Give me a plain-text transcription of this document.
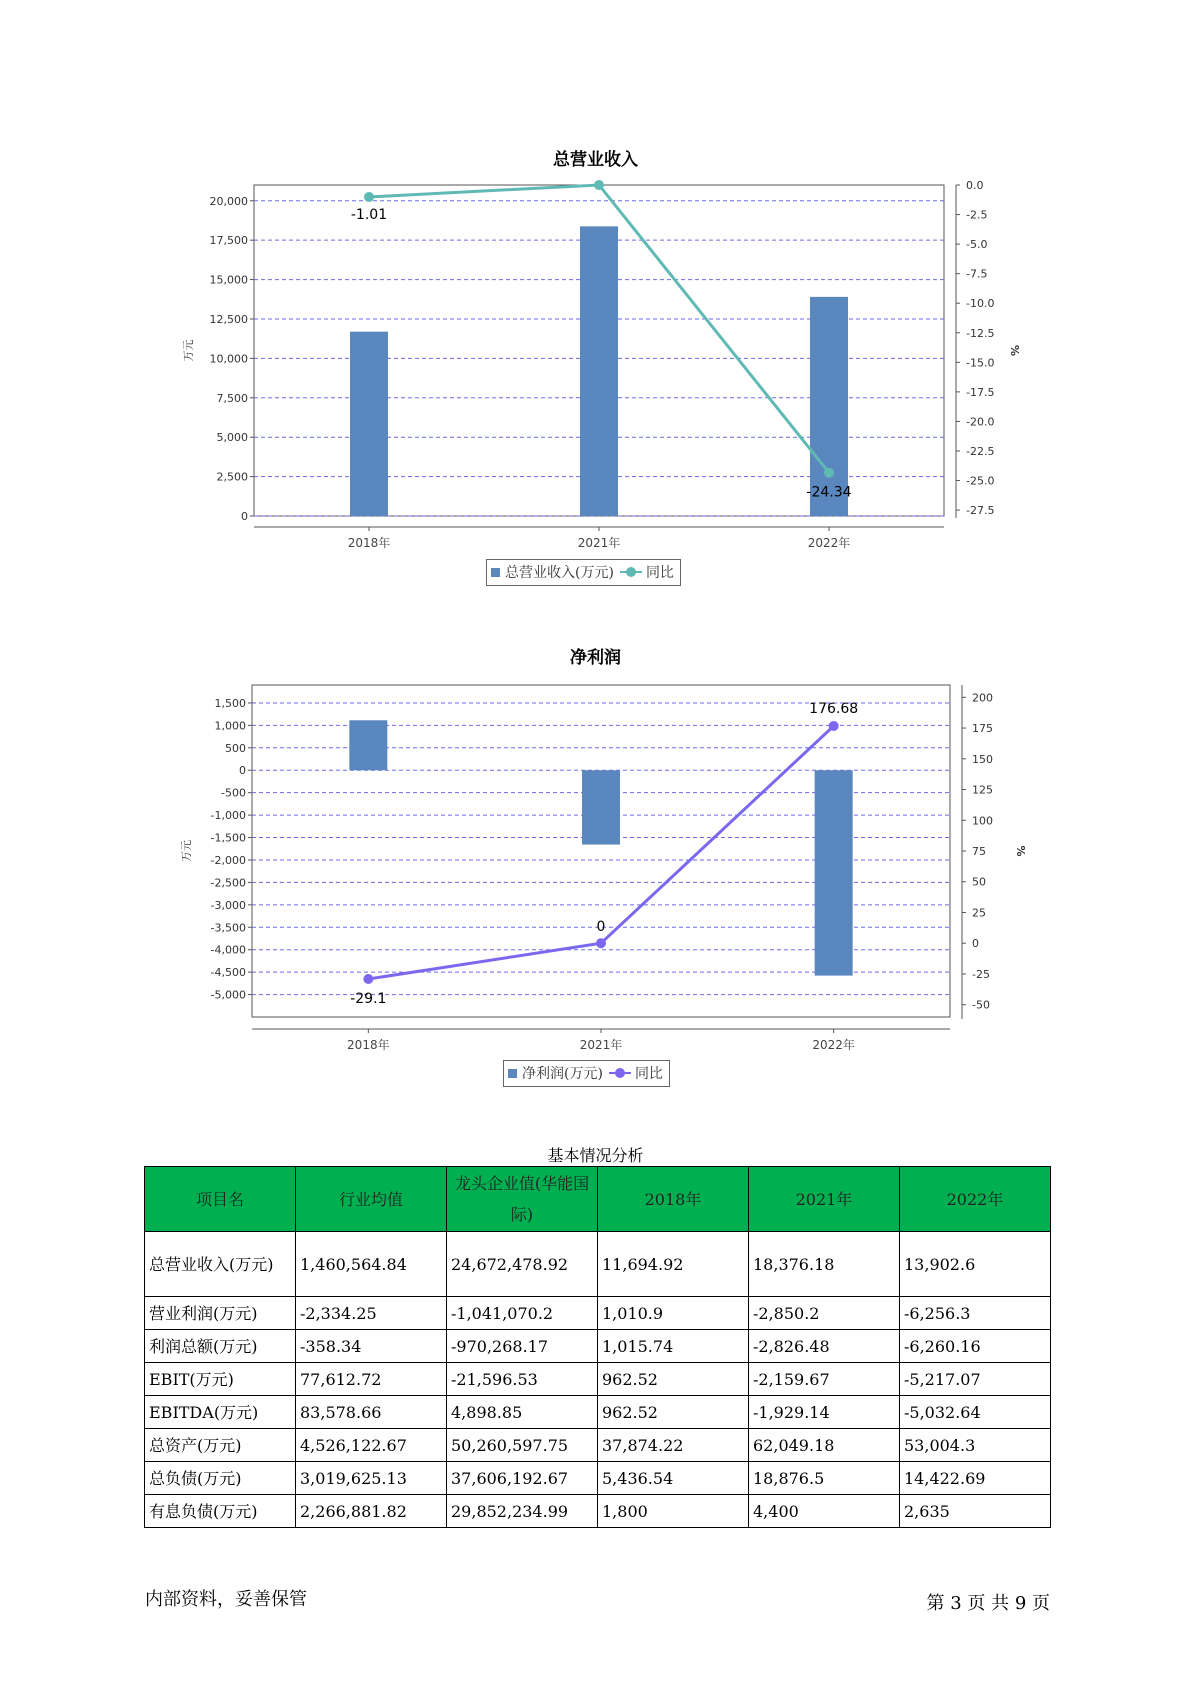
总营业收入
0
2,500
5,000
7,500
10,000
12,500
15,000
17,500
20,000
0.0
-2.5
-5.0
-7.5
-10.0
-12.5
-15.0
-17.5
-20.0
-22.5
-25.0
-27.5
2018年	2021年	2022年
万元	%
-1.01
-24.34
总营业收入(万元) 同比
净利润
1,500
1,000
500
0
-500
-1,000
-1,500
-2,000
-2,500
-3,000
-3,500
-4,000
-4,500
-5,000
200
175
150
125
100
75
50
25
0
-25
-50
2018年	2021年	2022年
万元	%
-29.1
0
176.68
净利润(万元) 同比
基本情况分析
项目名	行业均值	龙头企业值(华能国际)	2018年	2021年	2022年
总营业收入(万元)	1,460,564.84	24,672,478.92	11,694.92	18,376.18	13,902.6
营业利润(万元)	-2,334.25	-1,041,070.2	1,010.9	-2,850.2	-6,256.3
利润总额(万元)	-358.34	-970,268.17	1,015.74	-2,826.48	-6,260.16
EBIT(万元)	77,612.72	-21,596.53	962.52	-2,159.67	-5,217.07
EBITDA(万元)	83,578.66	4,898.85	962.52	-1,929.14	-5,032.64
总资产(万元)	4,526,122.67	50,260,597.75	37,874.22	62,049.18	53,004.3
总负债(万元)	3,019,625.13	37,606,192.67	5,436.54	18,876.5	14,422.69
有息负债(万元)	2,266,881.82	29,852,234.99	1,800	4,400	2,635
内部资料，妥善保管	第 3 页 共 9 页
